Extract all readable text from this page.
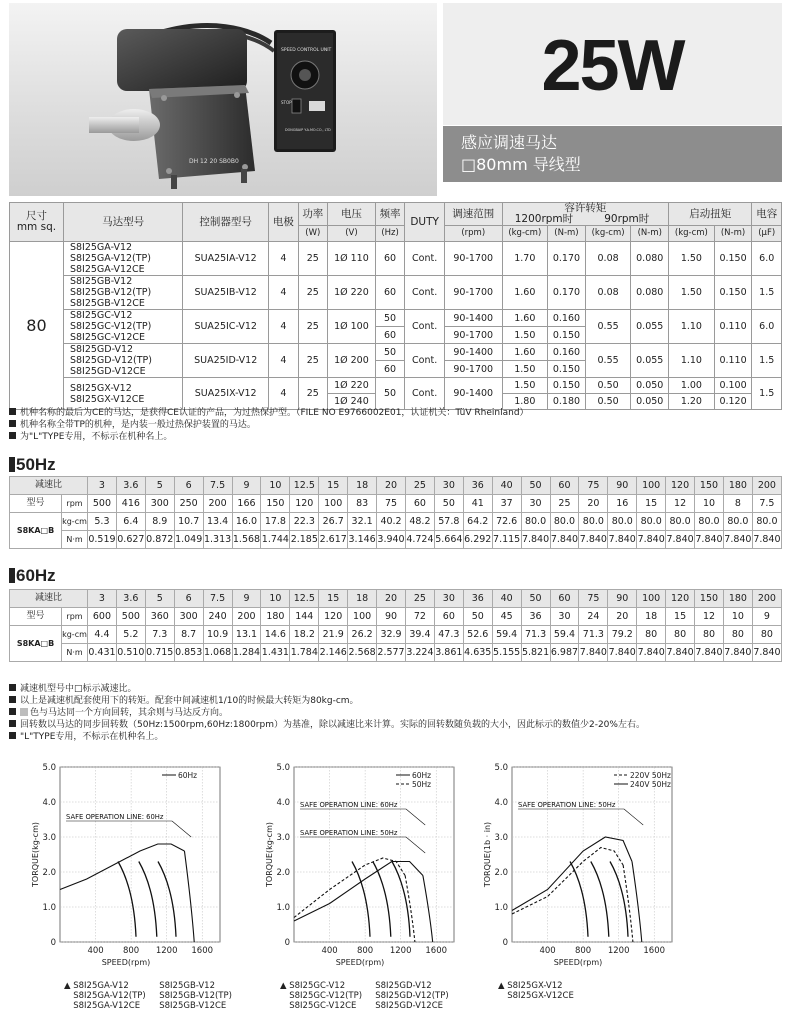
DH 12 20 SB0B0
SPEED CONTROL UNIT
STOP
DONGBAIP Y.A.MO.CO., LTD
25W
感应调速马达
□80mm 导线型
尺寸
mm sq.	马达型号	控制器型号	电极	功率	电压	频率	DUTY	调速范围	容许转矩
1200rpm时 90rpm时				启动扭矩		电容
				(W)	(V)	(Hz)		(rpm)	(kg-cm)	(N-m)	(kg-cm)	(N-m)	(kg-cm)	(N-m)	(µF)
80	S8I25GA-V12
S8I25GA-V12(TP)
S8I25GA-V12CE	SUA25IA-V12	4	25	1Ø 110	60	Cont.	90-1700	1.70	0.170	0.08	0.080	1.50	0.150	6.0

	S8I25GB-V12
S8I25GB-V12(TP)
S8I25GB-V12CE	SUA25IB-V12	4	25	1Ø 220	60	Cont.	90-1700	1.60	0.170	0.08	0.080	1.50	0.150	1.5

	S8I25GC-V12
S8I25GC-V12(TP)
S8I25GC-V12CE	SUA25IC-V12	4	25	1Ø 100	50	Cont.	90-1400	1.60	0.160	0.55	0.055	1.10	0.110	6.0
						60		90-1700	1.50	0.150					

	S8I25GD-V12
S8I25GD-V12(TP)
S8I25GD-V12CE	SUA25ID-V12	4	25	1Ø 200	50	Cont.	90-1400	1.60	0.160	0.55	0.055	1.10	0.110	1.5
						60		90-1700	1.50	0.150					

	S8I25GX-V12
S8I25GX-V12CE	SUA25IX-V12	4	25	1Ø 220	50	Cont.	90-1400	1.50	0.150	0.50	0.050	1.00	0.100	1.5
					1Ø 240				1.80	0.180	0.50	0.050	1.20	0.120	
机种名称的最后为CE的马达，是获得CE认证的产品，为过热保护型。（FILE NO E9766002E01，认证机关：TüV Rheinland）
机种名称全带TP的机种，是内装一般过热保护装置的马达。
为"L"TYPE专用，不标示在机种名上。
50Hz
减速比		3	3.6	5	6	7.5	9	10	12.5	15	18	20	25	30	36	40	50	60	75	90	100	120	150	180	200
型号	rpm	500	416	300	250	200	166	150	120	100	83	75	60	50	41	37	30	25	20	16	15	12	10	8	7.5
S8KA□B	kg-cm	5.3	6.4	8.9	10.7	13.4	16.0	17.8	22.3	26.7	32.1	40.2	48.2	57.8	64.2	72.6	80.0	80.0	80.0	80.0	80.0	80.0	80.0	80.0	80.0
	N·m	0.519	0.627	0.872	1.049	1.313	1.568	1.744	2.185	2.617	3.146	3.940	4.724	5.664	6.292	7.115	7.840	7.840	7.840	7.840	7.840	7.840	7.840	7.840	7.840
60Hz
减速比		3	3.6	5	6	7.5	9	10	12.5	15	18	20	25	30	36	40	50	60	75	90	100	120	150	180	200
型号	rpm	600	500	360	300	240	200	180	144	120	100	90	72	60	50	45	36	30	24	20	18	15	12	10	9
S8KA□B	kg-cm	4.4	5.2	7.3	8.7	10.9	13.1	14.6	18.2	21.9	26.2	32.9	39.4	47.3	52.6	59.4	71.3	59.4	71.3	79.2	80	80	80	80	80
	N·m	0.431	0.510	0.715	0.853	1.068	1.284	1.431	1.784	2.146	2.568	2.577	3.224	3.861	4.635	5.155	5.821	6.987	7.840	7.840	7.840	7.840	7.840	7.840	7.840
减速机型号中□标示减速比。
以上是减速机配套使用下的转矩。配套中间减速机1/10的时候最大转矩为80kg-cm。
色与马达同一个方向回转，其余则与马达反方向。
回转数以马达的同步回转数（50Hz:1500rpm,60Hz:1800rpm）为基准，除以减速比来计算。实际的回转数随负载的大小，因此标示的数值少2-20%左右。
"L"TYPE专用，不标示在机种名上。
0
1.0
2.0
3.0
4.0
5.0
400 800 1200 1600
SPEED(rpm)
TORQUE(kg-cm)
60Hz
SAFE OPERATION LINE: 60Hz
0
1.0
2.0
3.0
4.0
5.0
400 800 1200 1600
SPEED(rpm)
TORQUE(kg-cm)
60Hz
50Hz
SAFE OPERATION LINE: 60Hz
SAFE OPERATION LINE: 50Hz
0
1.0
2.0
3.0
4.0
5.0
400 800 1200 1600
SPEED(rpm)
TORQUE(1b · in)
220V 50Hz
240V 50Hz
SAFE OPERATION LINE: 50Hz
▲ S8I25GA-V12	S8I25GB-V12
S8I25GA-V12(TP) S8I25GB-V12(TP)
S8I25GA-V12CE S8I25GB-V12CE
▲ S8I25GC-V12	S8I25GD-V12
S8I25GC-V12(TP) S8I25GD-V12(TP)
S8I25GC-V12CE S8I25GD-V12CE
▲ S8I25GX-V12
S8I25GX-V12CE
